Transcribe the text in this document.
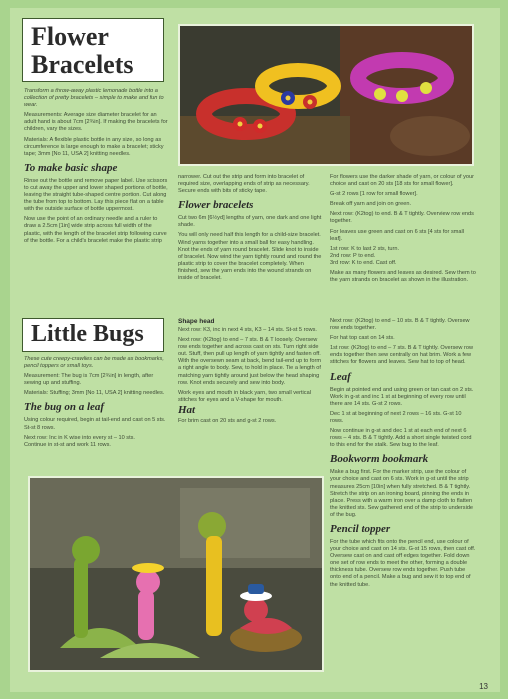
Flower
Bracelets

Transform a throw-away plastic lemonade bottle into a collection of pretty bracelets – simple to make and fun to wear.

Measurements: Average size diameter bracelet for an adult hand is about 7cm [2¾in]. If making the bracelets for children, vary the sizes.

Materials: A flexible plastic bottle in any size, so long as circumference is large enough to make a bracelet; sticky tape; 3mm [No 11, USA 2] knitting needles.

To make basic shape

Rinse out the bottle and remove paper label. Use scissors to cut away the upper and lower shaped portions of bottle, leaving the straight tube-shaped centre portion. Cut along the tube from top to bottom. Lay this piece flat on a table with the outside surface of bottle uppermost.

Now use the point of an ordinary needle and a ruler to draw a 2.5cm [1in] wide strip across full width of the plastic, with the length of the bracelet strip following curve of the bottle. For a child's bracelet make the plastic strip

narrower. Cut out the strip and form into bracelet of required size, overlapping ends of strip as necessary. Secure ends with bits of sticky tape.

Flower bracelets

Cut two 6m [6½yd] lengths of yarn, one dark and one light shade.

You will only need half this length for a child-size bracelet. Wind yarns together into a small ball for easy handling. Knot the ends of yarn round bracelet. Slide knot to inside of bracelet. Now wind the yarn tightly round and round the plastic strip to cover the bracelet completely. When finished, sew the yarn ends into the wound strands on inside of bracelet.

For flowers use the darker shade of yarn, or colour of your choice and cast on 20 sts [18 sts for small flower].

G-st 2 rows [1 row for small flower].

Break off yarn and join on green.

Next row: (K2tog) to end. B & T tightly. Overview row ends together.

For leaves use green and cast on 6 sts [4 sts for small leaf].

1st row: K to last 2 sts, turn.

2nd row: P to end.

3rd row: K to end. Cast off.

Make as many flowers and leaves as desired. Sew them to the yarn strands on bracelet as shown in the illustration.

Little Bugs

These cute creepy-crawlies can be made as bookmarks, pencil toppers or small toys.

Measurement: The bug is 7cm [2¾in] in length, after sewing up and stuffing.

Materials: Stuffing; 3mm [No 11, USA 2] knitting needles.

The bug on a leaf

Using colour required, begin at tail-end and cast on 5 sts. St-st 8 rows.

Next row: Inc in K wise into every st – 10 sts.

Continue in st-st and work 11 rows.

Shape head

Next row: K3, inc in next 4 sts, K3 – 14 sts. St-st 5 rows.

Next row: (K2tog) to end – 7 sts. B & T loosely. Oversew row ends together and across cast on sts. Turn right side out. Stuff, then pull up length of yarn tightly and fasten off. With the oversewn seam at back, bend tail-end up to form a right angle to body. Sew, to hold in place. Tie a length of matching yarn tightly around just below the head shaping row. Knot ends securely and sew into body.

Work eyes and mouth in black yarn, two small vertical stitches for eyes and a V-shape for mouth.

Hat

For brim cast on 20 sts and g-st 2 rows.

Next row: (K2tog) to end – 10 sts. B & T tightly. Oversew row ends together.

For hat top cast on 14 sts.

1st row: (K2tog) to end – 7 sts. B & T tightly. Oversew row ends together then sew centrally on hat brim. Work a few stitches for flowers and leaves. Sew hat to top of head.

Leaf

Begin at pointed end and using green or tan cast on 2 sts. Work in g-st and inc 1 st at beginning of every row until there are 14 sts. G-st 2 rows.

Dec 1 st at beginning of next 2 rows – 16 sts. G-st 10 rows.

Now continue in g-st and dec 1 st at each end of next 6 rows – 4 sts. B & T tightly. Add a short single twisted cord to this end for the stalk. Sew bug to the leaf.

Bookworm bookmark

Make a bug first. For the marker strip, use the colour of your choice and cast on 6 sts. Work in g-st until the strip measures 25cm [10in] when fully stretched. B & T tightly. Stretch the strip on an ironing board, pinning the ends in place. Press with a warm iron over a damp cloth to flatten the knitted sts. Sew gathered end of the strip to underside of the bug.

Pencil topper

For the tube which fits onto the pencil end, use colour of your choice and cast on 14 sts. G-st 15 rows, then cast off. Oversew cast on and cast off edges together. Fold down one set of row ends to meet the other, forming a double thickness tube. Oversew row ends together. Push tube onto end of a pencil. Make a bug and sew it to top end of the knitted tube.

13
